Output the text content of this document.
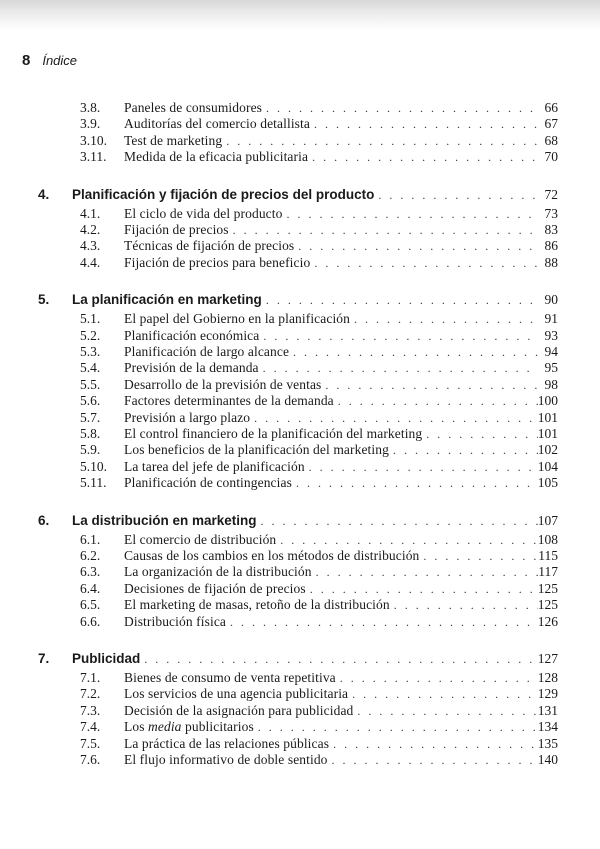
8 Índice
3.8. Paneles de consumidores . . .	66
3.9. Auditorías del comercio detallista . . .	67
3.10. Test de marketing . . .	68
3.11. Medida de la eficacia publicitaria . . .	70
4. Planificación y fijación de precios del producto . . .	72
4.1. El ciclo de vida del producto . . .	73
4.2. Fijación de precios . . .	83
4.3. Técnicas de fijación de precios . . .	86
4.4. Fijación de precios para beneficio . . .	88
5. La planificación en marketing . . .	90
5.1. El papel del Gobierno en la planificación . . .	91
5.2. Planificación económica . . .	93
5.3. Planificación de largo alcance . . .	94
5.4. Previsión de la demanda . . .	95
5.5. Desarrollo de la previsión de ventas . . .	98
5.6. Factores determinantes de la demanda . . .	100
5.7. Previsión a largo plazo . . .	101
5.8. El control financiero de la planificación del marketing . . .	101
5.9. Los beneficios de la planificación del marketing . . .	102
5.10. La tarea del jefe de planificación . . .	104
5.11. Planificación de contingencias . . .	105
6. La distribución en marketing . . .	107
6.1. El comercio de distribución . . .	108
6.2. Causas de los cambios en los métodos de distribución . . .	115
6.3. La organización de la distribución . . .	117
6.4. Decisiones de fijación de precios . . .	125
6.5. El marketing de masas, retoño de la distribución . . .	125
6.6. Distribución física . . .	126
7. Publicidad . . .	127
7.1. Bienes de consumo de venta repetitiva . . .	128
7.2. Los servicios de una agencia publicitaria . . .	129
7.3. Decisión de la asignación para publicidad . . .	131
7.4. Los media publicitarios . . .	134
7.5. La práctica de las relaciones públicas . . .	135
7.6. El flujo informativo de doble sentido . . .	140
